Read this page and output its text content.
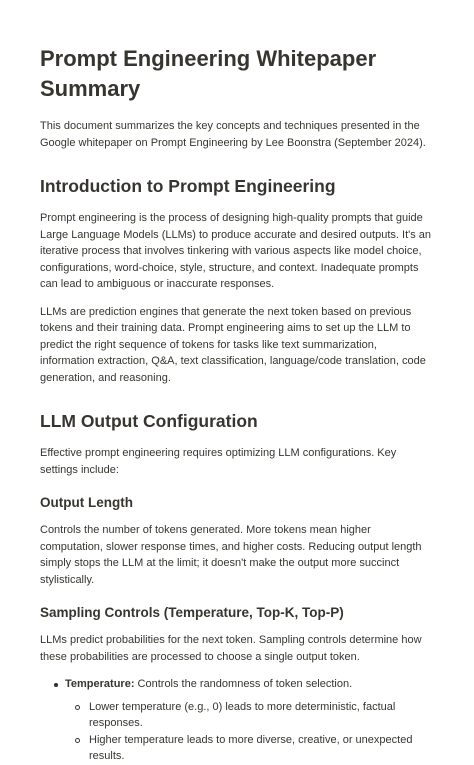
Prompt Engineering Whitepaper Summary

This document summarizes the key concepts and techniques presented in the Google whitepaper on Prompt Engineering by Lee Boonstra (September 2024).

Introduction to Prompt Engineering

Prompt engineering is the process of designing high-quality prompts that guide Large Language Models (LLMs) to produce accurate and desired outputs. It's an iterative process that involves tinkering with various aspects like model choice, configurations, word-choice, style, structure, and context. Inadequate prompts can lead to ambiguous or inaccurate responses.

LLMs are prediction engines that generate the next token based on previous tokens and their training data. Prompt engineering aims to set up the LLM to predict the right sequence of tokens for tasks like text summarization, information extraction, Q&A, text classification, language/code translation, code generation, and reasoning.

LLM Output Configuration

Effective prompt engineering requires optimizing LLM configurations. Key settings include:

Output Length

Controls the number of tokens generated. More tokens mean higher computation, slower response times, and higher costs. Reducing output length simply stops the LLM at the limit; it doesn't make the output more succinct stylistically.

Sampling Controls (Temperature, Top-K, Top-P)

LLMs predict probabilities for the next token. Sampling controls determine how these probabilities are processed to choose a single output token.

Temperature: Controls the randomness of token selection.
Lower temperature (e.g., 0) leads to more deterministic, factual responses.
Higher temperature leads to more diverse, creative, or unexpected results.
